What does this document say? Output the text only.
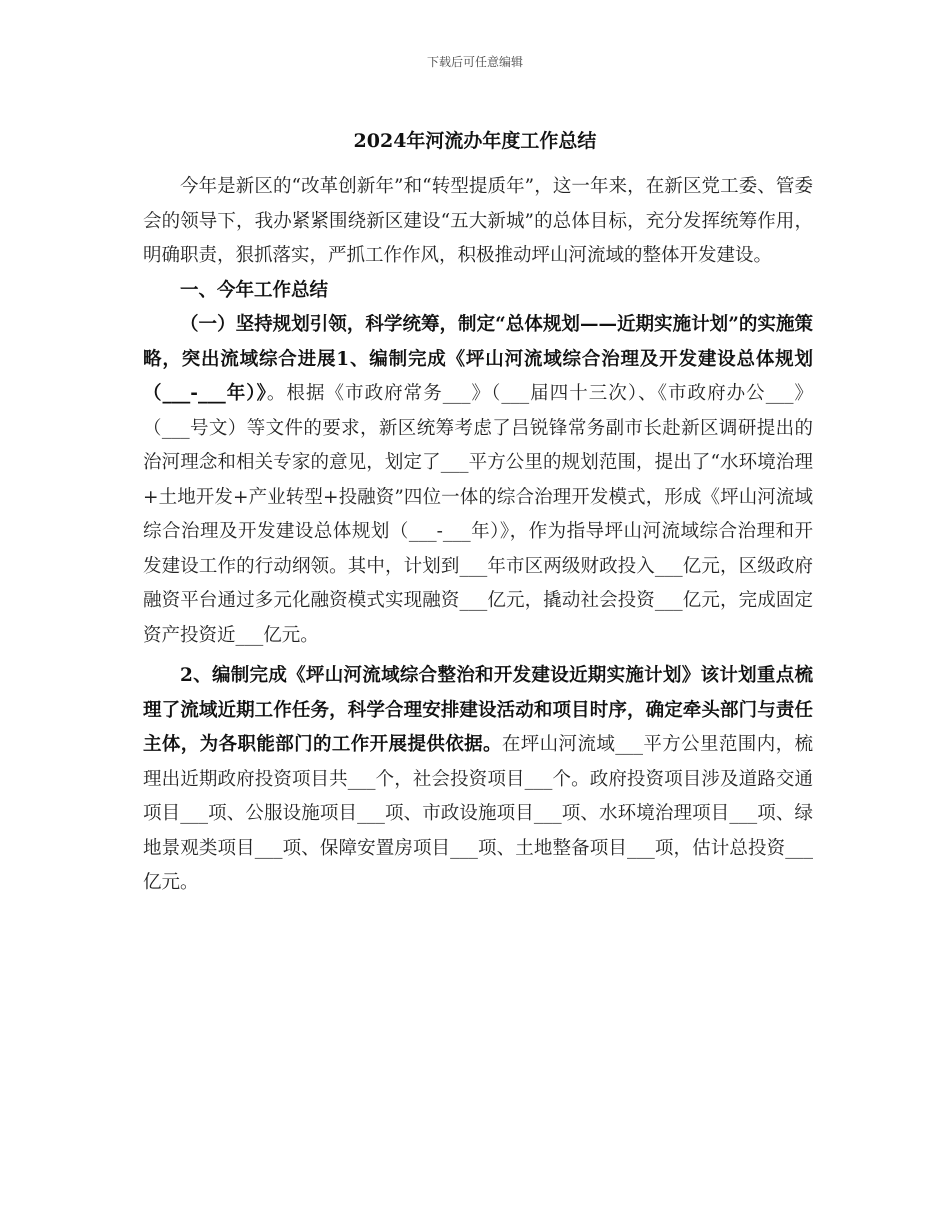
下载后可任意编辑
2024年河流办年度工作总结

今年是新区的“改革创新年”和“转型提质年”，这一年来，在新区党工委、管委会的领导下，我办紧紧围绕新区建设“五大新城”的总体目标，充分发挥统筹作用，明确职责，狠抓落实，严抓工作作风，积极推动坪山河流域的整体开发建设。

一、今年工作总结

（一）坚持规划引领，科学统筹，制定“总体规划——近期实施计划”的实施策略，突出流域综合进展1、编制完成《坪山河流域综合治理及开发建设总体规划（___-___年）》。根据《市政府常务___》（___届四十三次）、《市政府办公___》（___号文）等文件的要求，新区统筹考虑了吕锐锋常务副市长赴新区调研提出的治河理念和相关专家的意见，划定了___平方公里的规划范围，提出了“水环境治理+土地开发+产业转型+投融资”四位一体的综合治理开发模式，形成《坪山河流域综合治理及开发建设总体规划（___-___年）》，作为指导坪山河流域综合治理和开发建设工作的行动纲领。其中，计划到___年市区两级财政投入___亿元，区级政府融资平台通过多元化融资模式实现融资___亿元，撬动社会投资___亿元，完成固定资产投资近___亿元。

2、编制完成《坪山河流域综合整治和开发建设近期实施计划》该计划重点梳理了流域近期工作任务，科学合理安排建设活动和项目时序，确定牵头部门与责任主体，为各职能部门的工作开展提供依据。在坪山河流域___平方公里范围内，梳理出近期政府投资项目共___个，社会投资项目___个。政府投资项目涉及道路交通项目___项、公服设施项目___项、市政设施项目___项、水环境治理项目___项、绿地景观类项目___项、保障安置房项目___项、土地整备项目___项，估计总投资___亿元。
